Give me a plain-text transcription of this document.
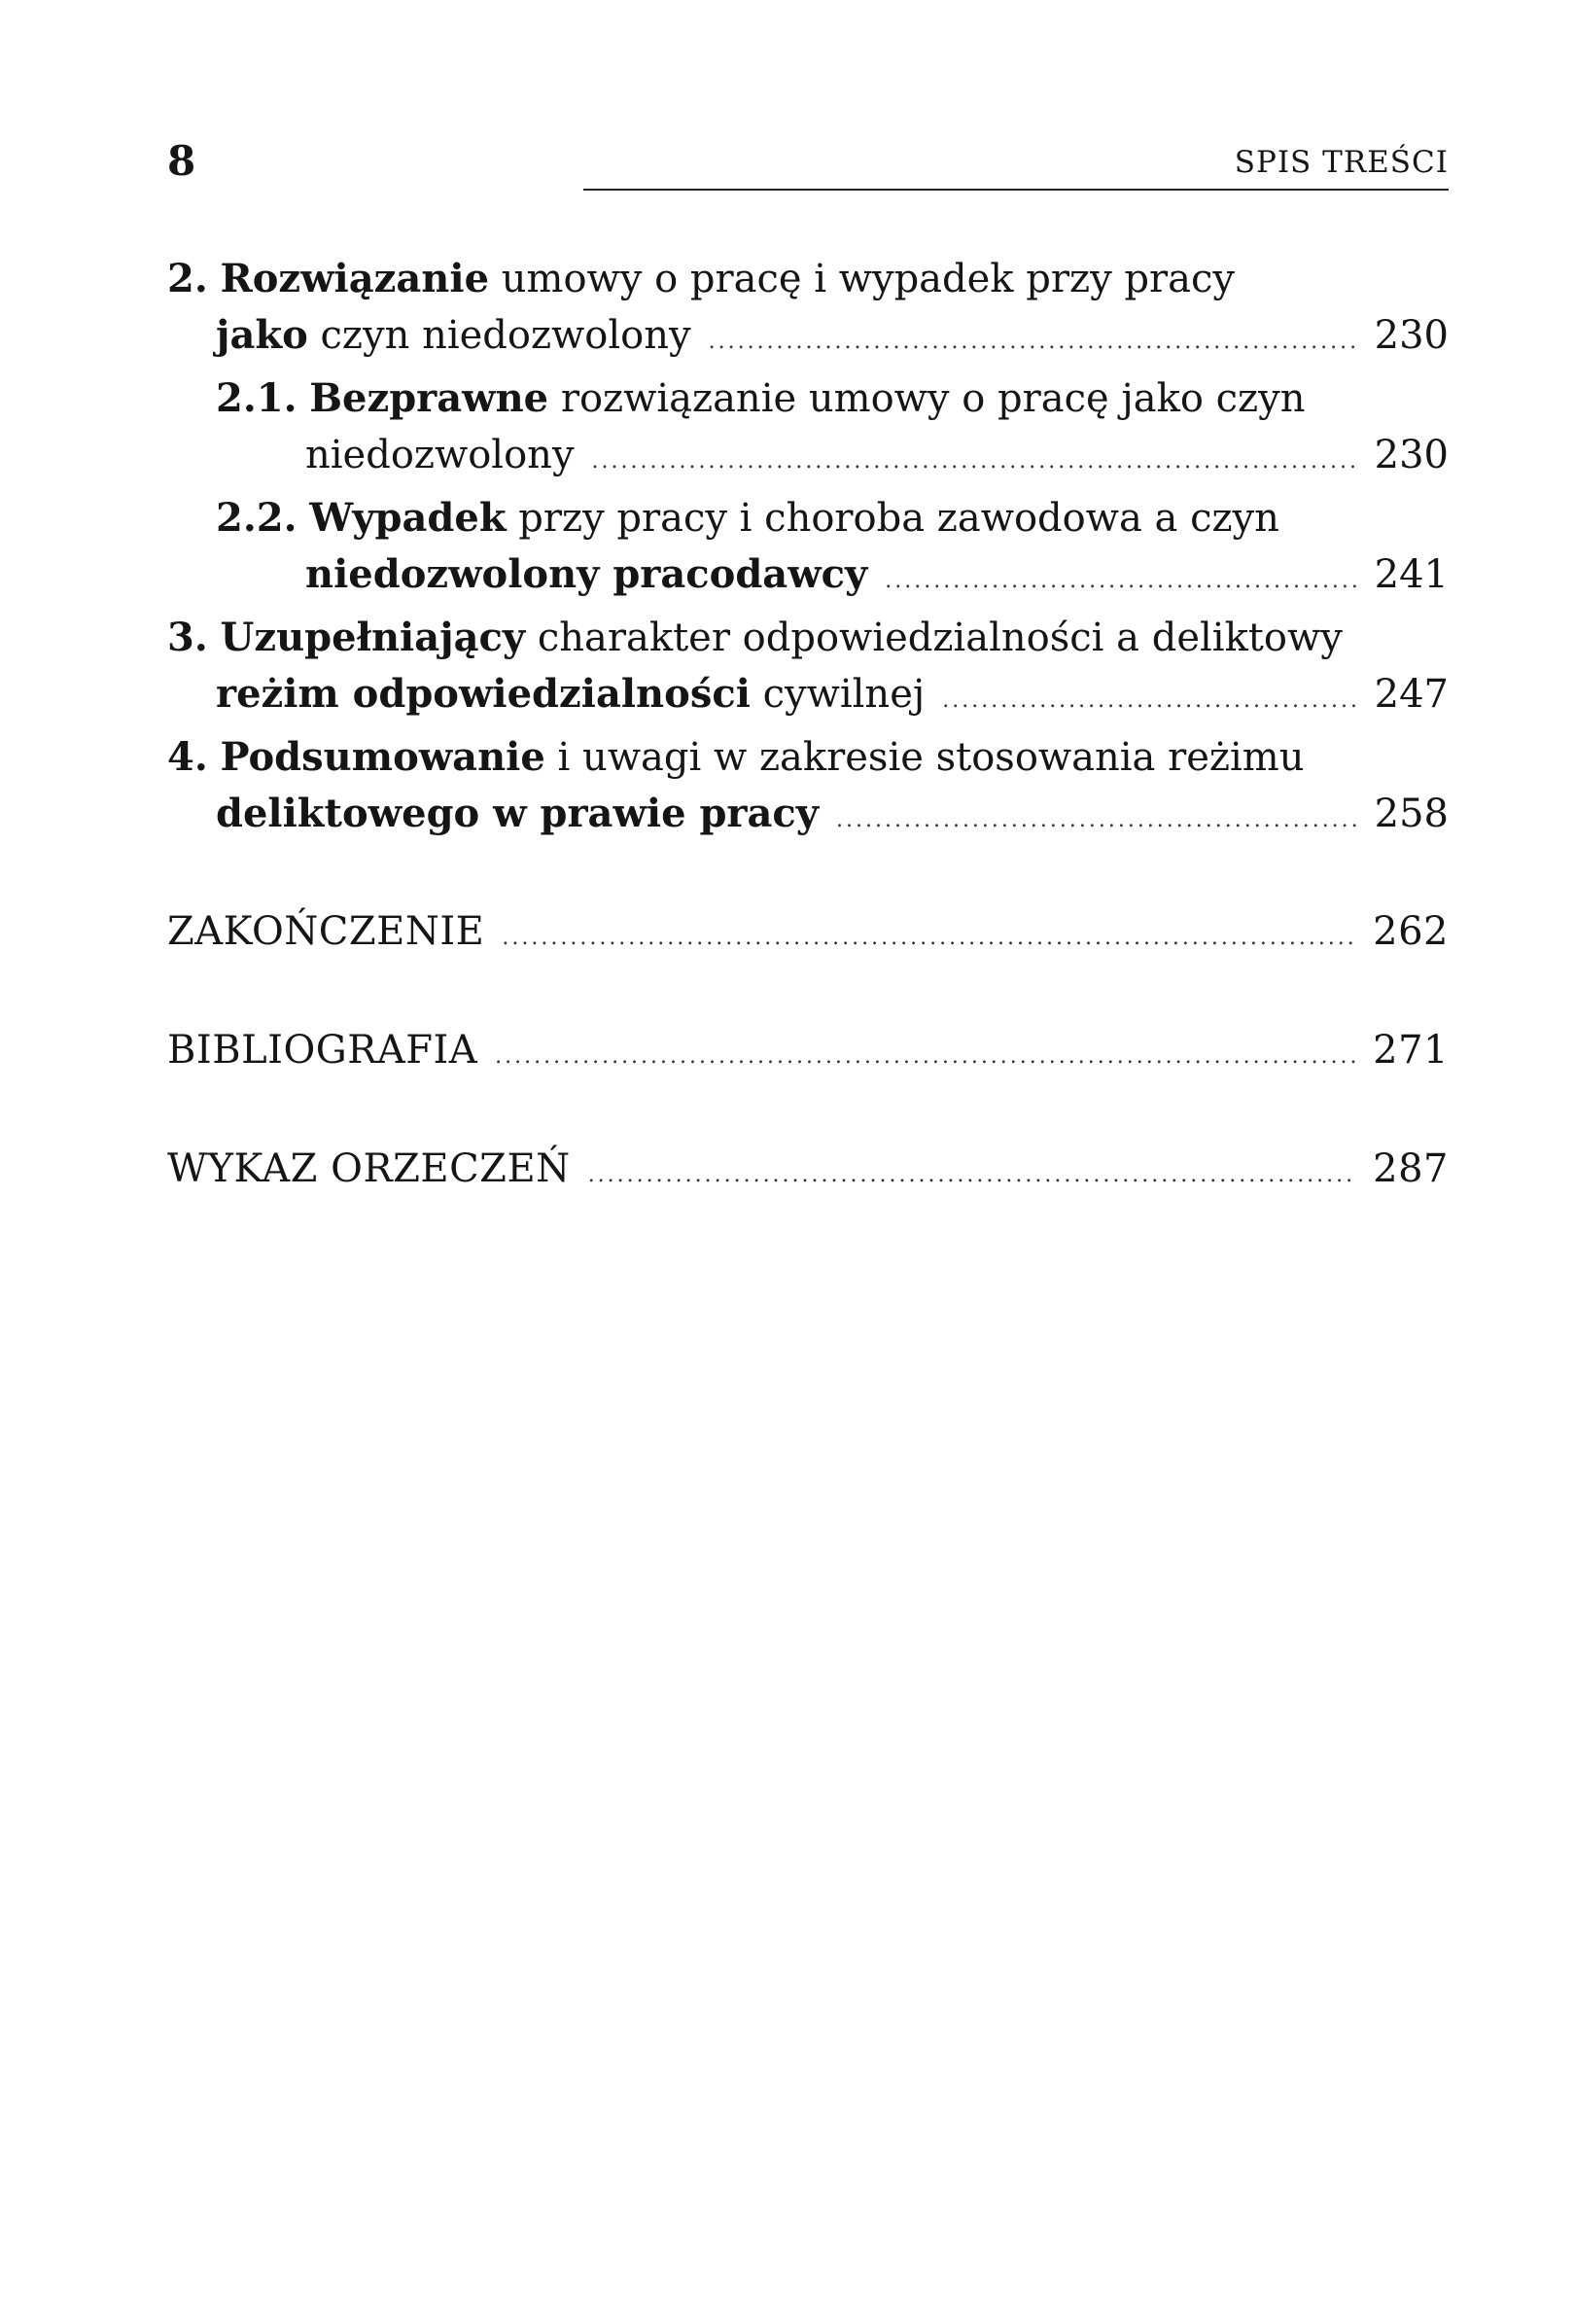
8	SPIS TREŚCI
2. Rozwiązanie umowy o pracę i wypadek przy pracy
jako czyn niedozwolony .....	230
2.1. Bezprawne rozwiązanie umowy o pracę jako czyn
niedozwolony .....	230
2.2. Wypadek przy pracy i choroba zawodowa a czyn
niedozwolony pracodawcy .....	241
3. Uzupełniający charakter odpowiedzialności a deliktowy
reżim odpowiedzialności cywilnej .....	247
4. Podsumowanie i uwagi w zakresie stosowania reżimu
deliktowego w prawie pracy .....	258
ZAKOŃCZENIE .....	262
BIBLIOGRAFIA .....	271
WYKAZ ORZECZEŃ .....	287
